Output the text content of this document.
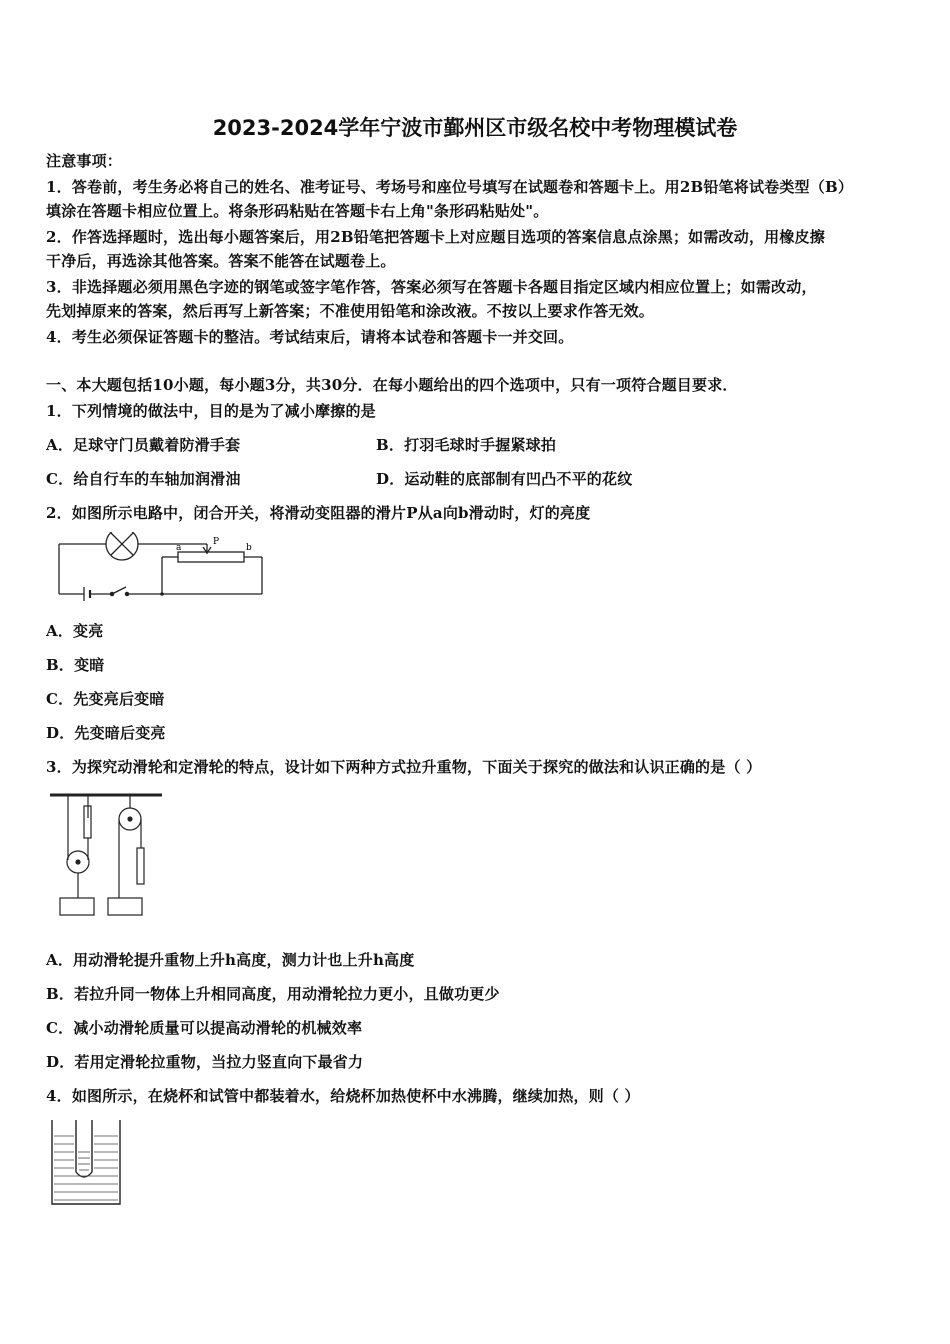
2023-2024学年宁波市鄞州区市级名校中考物理模试卷
注意事项：
1．答卷前，考生务必将自己的姓名、准考证号、考场号和座位号填写在试题卷和答题卡上。用2B铅笔将试卷类型（B）
填涂在答题卡相应位置上。将条形码粘贴在答题卡右上角"条形码粘贴处"。
2．作答选择题时，选出每小题答案后，用2B铅笔把答题卡上对应题目选项的答案信息点涂黑；如需改动，用橡皮擦
干净后，再选涂其他答案。答案不能答在试题卷上。
3．非选择题必须用黑色字迹的钢笔或签字笔作答，答案必须写在答题卡各题目指定区域内相应位置上；如需改动，
先划掉原来的答案，然后再写上新答案；不准使用铅笔和涂改液。不按以上要求作答无效。
4．考生必须保证答题卡的整洁。考试结束后，请将本试卷和答题卡一并交回。
一、本大题包括10小题，每小题3分，共30分．在每小题给出的四个选项中，只有一项符合题目要求．
1．下列情境的做法中，目的是为了减小摩擦的是
A．足球守门员戴着防滑手套	B．打羽毛球时手握紧球拍
C．给自行车的车轴加润滑油	D．运动鞋的底部制有凹凸不平的花纹
2．如图所示电路中，闭合开关，将滑动变阻器的滑片P从a向b滑动时，灯的亮度
a
P
b
A．变亮
B．变暗
C．先变亮后变暗
D．先变暗后变亮
3．为探究动滑轮和定滑轮的特点，设计如下两种方式拉升重物，下面关于探究的做法和认识正确的是（ ）
A．用动滑轮提升重物上升h高度，测力计也上升h高度
B．若拉升同一物体上升相同高度，用动滑轮拉力更小，且做功更少
C．减小动滑轮质量可以提高动滑轮的机械效率
D．若用定滑轮拉重物，当拉力竖直向下最省力
4．如图所示，在烧杯和试管中都装着水，给烧杯加热使杯中水沸腾，继续加热，则（ ）
